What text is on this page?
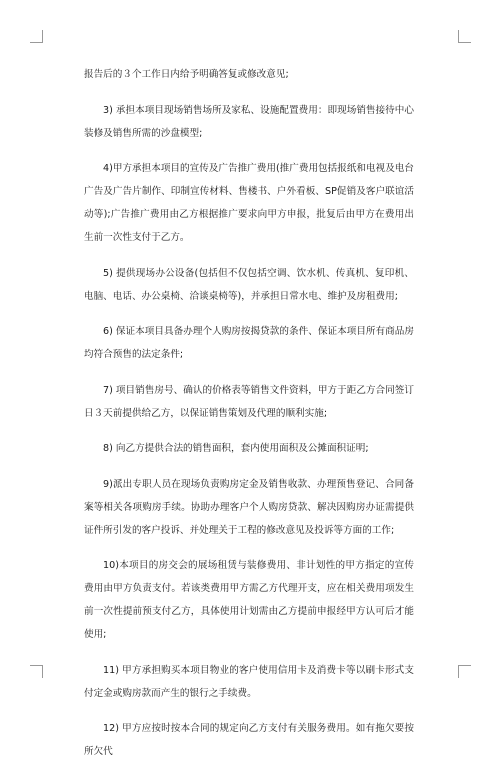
报告后的３个工作日内给予明确答复或修改意见;

3) 承担本项目现场销售场所及家私、设施配置费用：即现场销售接待中心装修及销售所需的沙盘模型;

4)甲方承担本项目的宣传及广告推广费用(推广费用包括报纸和电视及电台广告及广告片制作、印制宣传材料、售楼书、户外看板、SP促销及客户联谊活动等);广告推广费用由乙方根据推广要求向甲方申报，批复后由甲方在费用出生前一次性支付于乙方。

5) 提供现场办公设备(包括但不仅包括空调、饮水机、传真机、复印机、电脑、电话、办公桌椅、洽谈桌椅等)，并承担日常水电、维护及房租费用;

6) 保证本项目具备办理个人购房按揭贷款的条件、保证本项目所有商品房均符合预售的法定条件;

7) 项目销售房号、确认的价格表等销售文件资料，甲方于距乙方合同签订日３天前提供给乙方，以保证销售策划及代理的顺利实施;

8) 向乙方提供合法的销售面积，套内使用面积及公摊面积证明;

9)派出专职人员在现场负责购房定金及销售收款、办理预售登记、合同备案等相关各项购房手续。协助办理客户个人购房贷款、解决因购房办证需提供证件所引发的客户投诉、并处理关于工程的修改意见及投诉等方面的工作;

10)本项目的房交会的展场租赁与装修费用、非计划性的甲方指定的宣传费用由甲方负责支付。若该类费用甲方需乙方代理开支，应在相关费用项发生前一次性提前预支付乙方，具体使用计划需由乙方提前申报经甲方认可后才能使用;

11) 甲方承担购买本项目物业的客户使用信用卡及消费卡等以刷卡形式支付定金或购房款而产生的银行之手续费。

12) 甲方应按时按本合同的规定向乙方支付有关服务费用。如有拖欠要按所欠代
